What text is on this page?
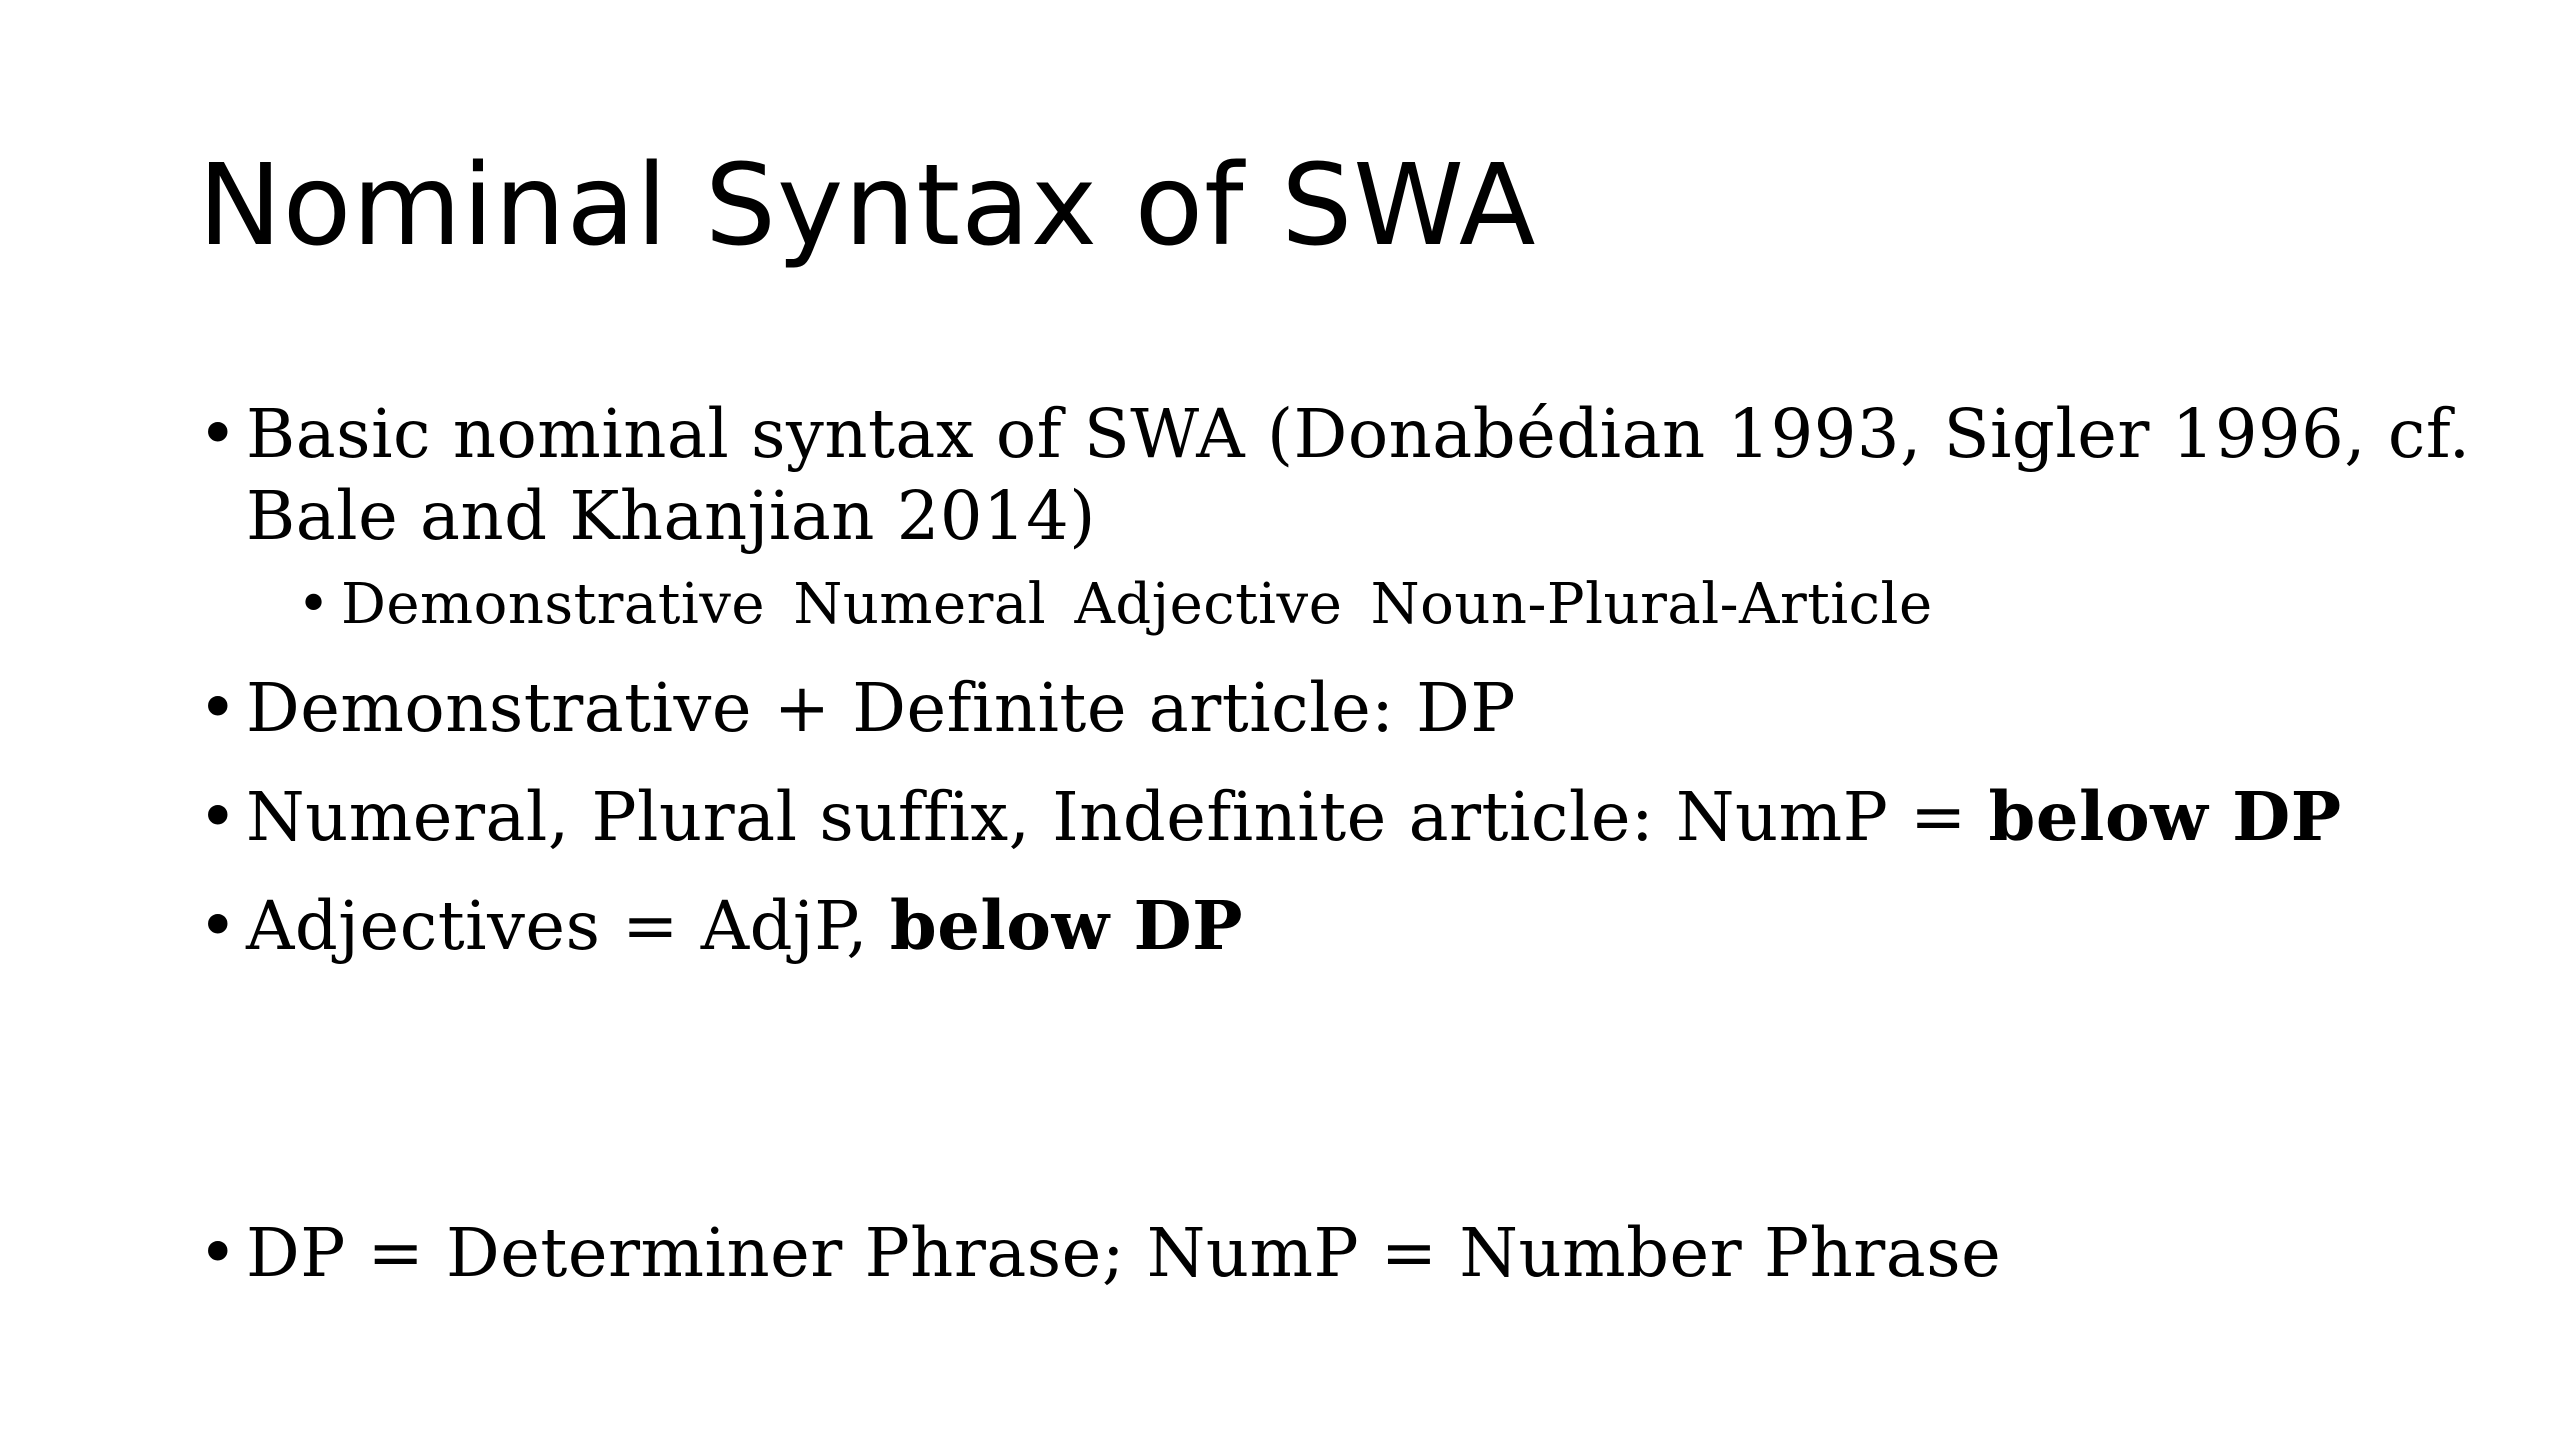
Nominal Syntax of SWA
• Basic nominal syntax of SWA (Donabédian 1993, Sigler 1996, cf. Bale and Khanjian 2014)
• Demonstrative Numeral Adjective Noun-Plural-Article
• Demonstrative + Definite article: DP
• Numeral, Plural suffix, Indefinite article: NumP = below DP
• Adjectives = AdjP, below DP
• DP = Determiner Phrase; NumP = Number Phrase
